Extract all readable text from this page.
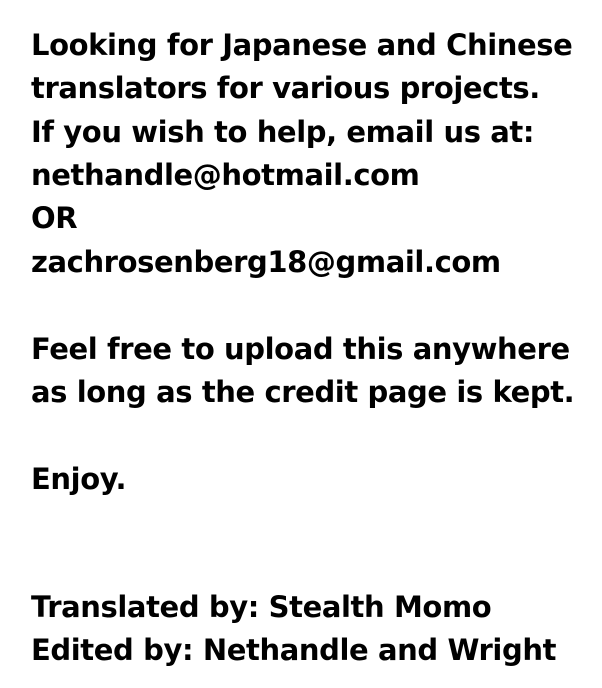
Looking for Japanese and Chinese

translators for various projects.

If you wish to help, email us at:

nethandle@hotmail.com

OR

zachrosenberg18@gmail.com

Feel free to upload this anywhere

as long as the credit page is kept.

Enjoy.

Translated by: Stealth Momo

Edited by: Nethandle and Wright
